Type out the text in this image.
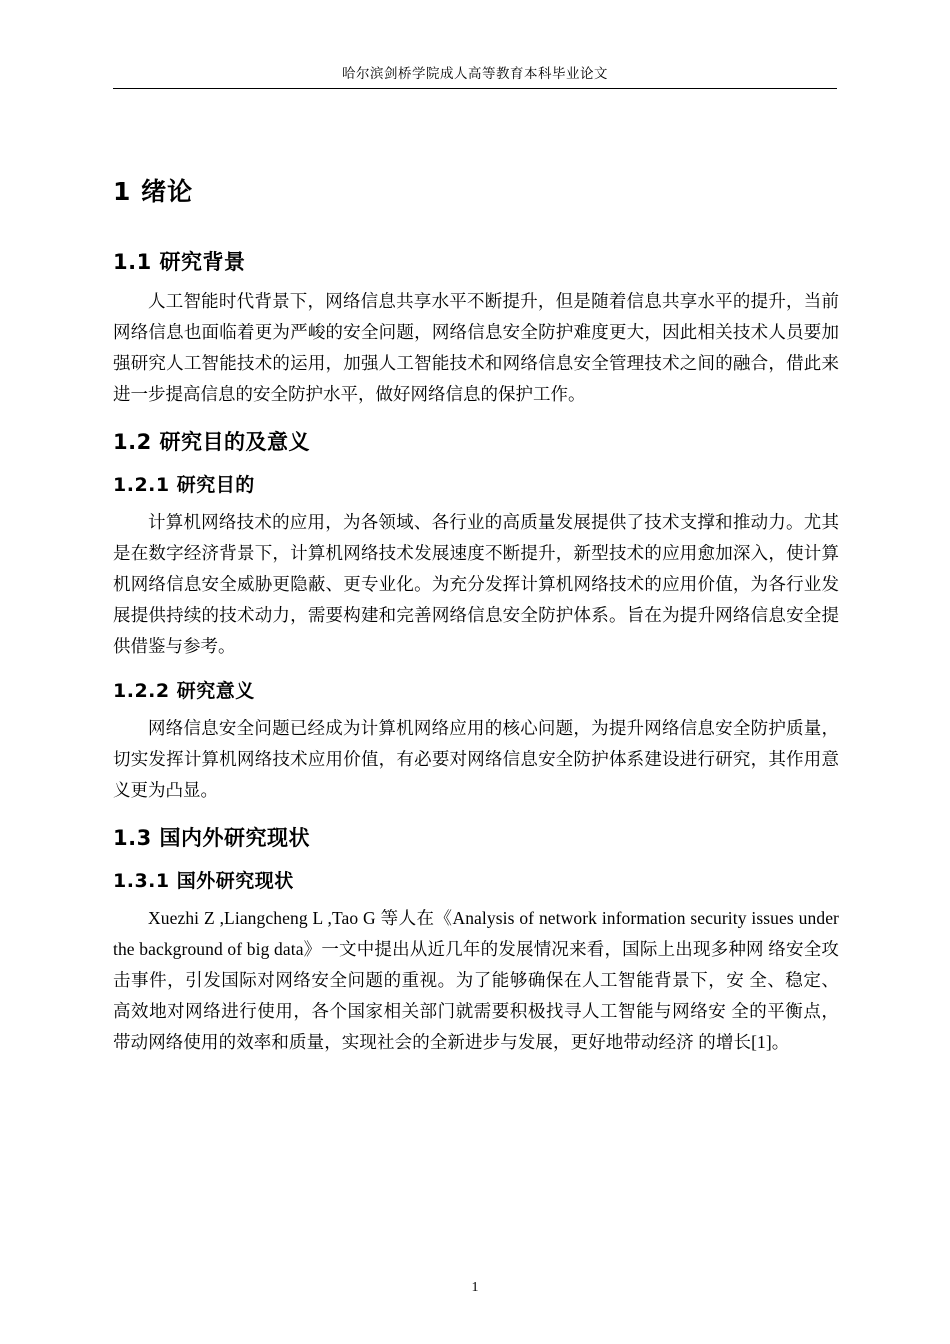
哈尔滨剑桥学院成人高等教育本科毕业论文
1 绪论
1.1 研究背景

人工智能时代背景下，网络信息共享水平不断提升，但是随着信息共享水平的提升，当前网络信息也面临着更为严峻的安全问题，网络信息安全防护难度更大，因此相关技术人员要加强研究人工智能技术的运用，加强人工智能技术和网络信息安全管理技术之间的融合，借此来进一步提高信息的安全防护水平，做好网络信息的保护工作。

1.2 研究目的及意义
1.2.1 研究目的

计算机网络技术的应用，为各领域、各行业的高质量发展提供了技术支撑和推动力。尤其是在数字经济背景下，计算机网络技术发展速度不断提升，新型技术的应用愈加深入，使计算机网络信息安全威胁更隐蔽、更专业化。为充分发挥计算机网络技术的应用价值，为各行业发展提供持续的技术动力，需要构建和完善网络信息安全防护体系。旨在为提升网络信息安全提供借鉴与参考。

1.2.2 研究意义

网络信息安全问题已经成为计算机网络应用的核心问题，为提升网络信息安全防护质量，切实发挥计算机网络技术应用价值，有必要对网络信息安全防护体系建设进行研究，其作用意义更为凸显。

1.3 国内外研究现状
1.3.1 国外研究现状

Xuezhi Z ,Liangcheng L ,Tao G 等人在《Analysis of network information security issues under the background of big data》一文中提出从近几年的发展情况来看，国际上出现多种网 络安全攻击事件，引发国际对网络安全问题的重视。为了能够确保在人工智能背景下，安 全、稳定、高效地对网络进行使用，各个国家相关部门就需要积极找寻人工智能与网络安 全的平衡点，带动网络使用的效率和质量，实现社会的全新进步与发展，更好地带动经济 的增长[1]。

1
